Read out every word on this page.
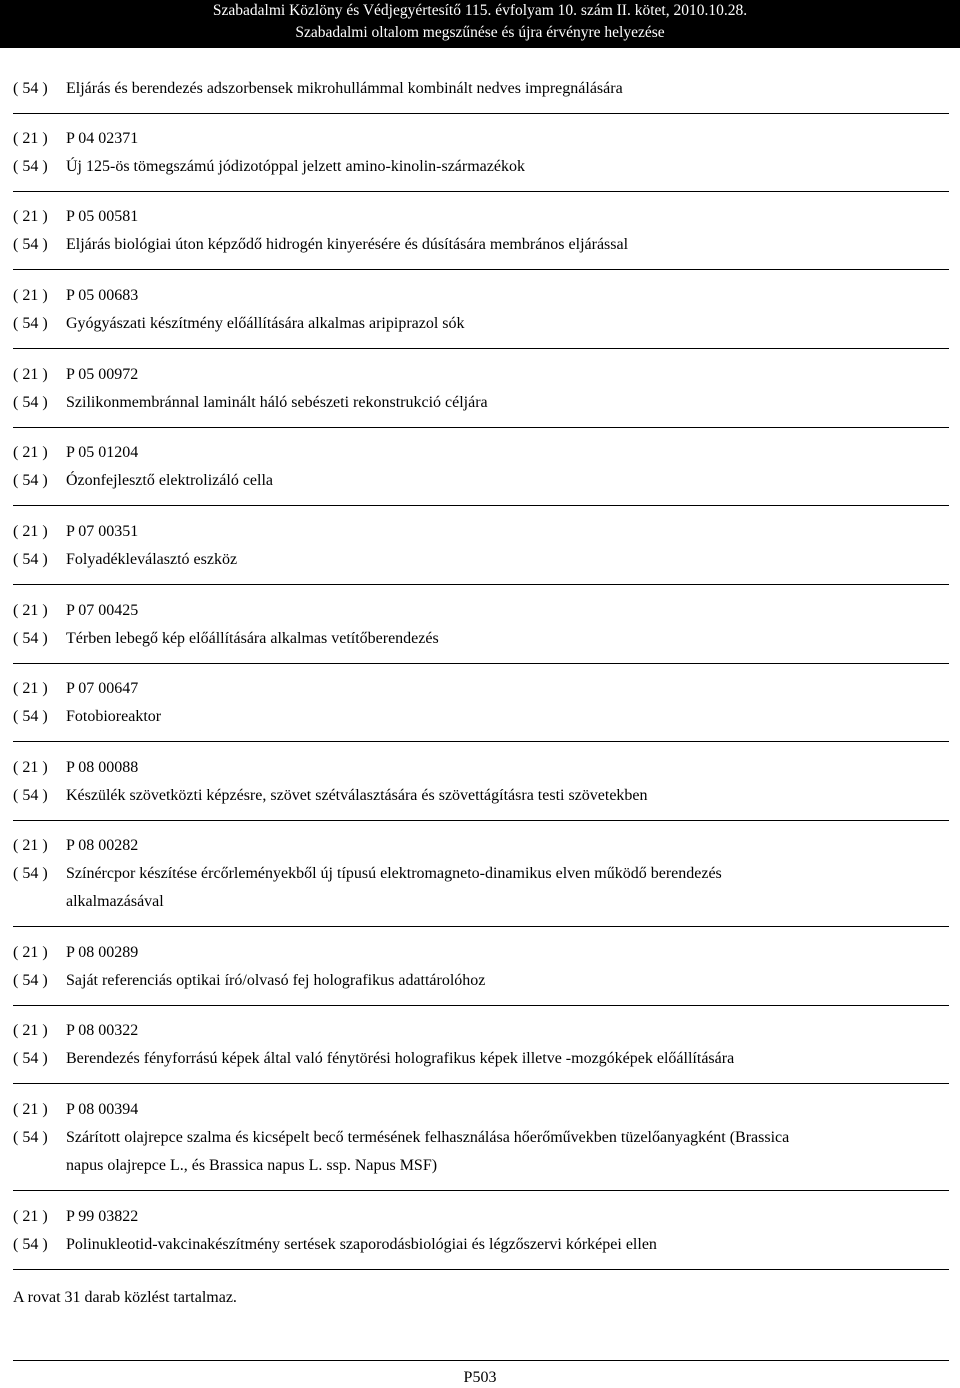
Szabadalmi Közlöny és Védjegyértesítő 115. évfolyam 10. szám II. kötet, 2010.10.28.
Szabadalmi oltalom megszűnése és újra érvényre helyezése
( 54 ) Eljárás és berendezés adszorbensek mikrohullámmal kombinált nedves impregnálására
( 21 ) P 04 02371
( 54 ) Új 125-ös tömegszámú jódizotóppal jelzett amino-kinolin-származékok
( 21 ) P 05 00581
( 54 ) Eljárás biológiai úton képződő hidrogén kinyerésére és dúsítására membrános eljárással
( 21 ) P 05 00683
( 54 ) Gyógyászati készítmény előállítására alkalmas aripiprazol sók
( 21 ) P 05 00972
( 54 ) Szilikonmembránnal laminált háló sebészeti rekonstrukció céljára
( 21 ) P 05 01204
( 54 ) Ózonfejlesztő elektrolizáló cella
( 21 ) P 07 00351
( 54 ) Folyadékleválasztó eszköz
( 21 ) P 07 00425
( 54 ) Térben lebegő kép előállítására alkalmas vetítőberendezés
( 21 ) P 07 00647
( 54 ) Fotobioreaktor
( 21 ) P 08 00088
( 54 ) Készülék szövetközti képzésre, szövet szétválasztására és szövettágításra testi szövetekben
( 21 ) P 08 00282
( 54 ) Színércpor készítése ércőrleményekből új típusú elektromagneto-dinamikus elven működő berendezés
alkalmazásával
( 21 ) P 08 00289
( 54 ) Saját referenciás optikai író/olvasó fej holografikus adattárolóhoz
( 21 ) P 08 00322
( 54 ) Berendezés fényforrású képek által való fénytörési holografikus képek illetve -mozgóképek előállítására
( 21 ) P 08 00394
( 54 ) Szárított olajrepce szalma és kicsépelt becő termésének felhasználása hőerőművekben tüzelőanyagként (Brassica
napus olajrepce L., és Brassica napus L. ssp. Napus MSF)
( 21 ) P 99 03822
( 54 ) Polinukleotid-vakcinakészítmény sertések szaporodásbiológiai és légzőszervi kórképei ellen
A rovat 31 darab közlést tartalmaz.
P503
